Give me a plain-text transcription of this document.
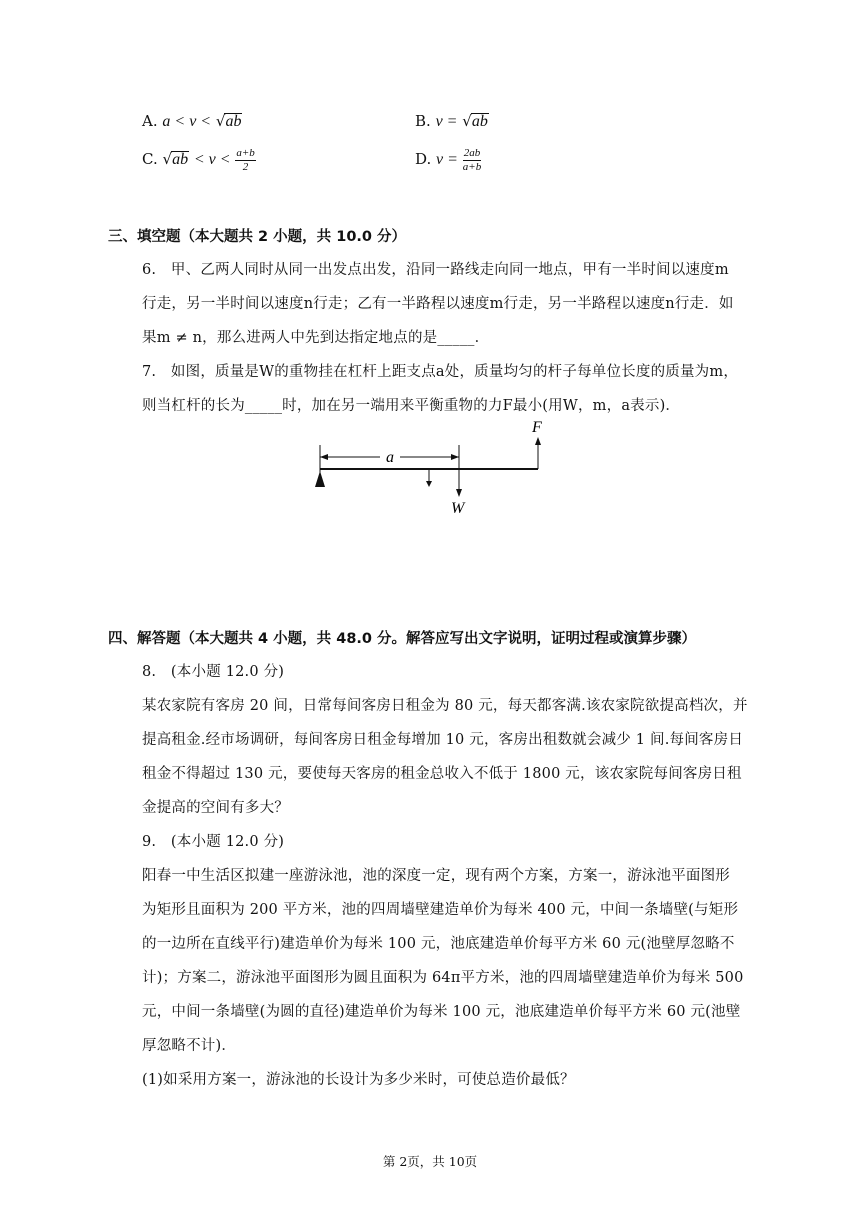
A. a < v < √ab	B. v = √ab
C. $√ab < v < \frac{a+b}{2}$	D. $v = \frac{2ab}{a+b}$
三、填空题（本大题共 2 小题，共 10.0 分）
6.　甲、乙两人同时从同一出发点出发，沿同一路线走向同一地点，甲有一半时间以速度m
行走，另一半时间以速度n行走；乙有一半路程以速度m行走，另一半路程以速度n行走．如
果m ≠ n，那么进两人中先到达指定地点的是_____．
7.　如图，质量是W的重物挂在杠杆上距支点a处，质量均匀的杆子每单位长度的质量为m，
则当杠杆的长为_____时，加在另一端用来平衡重物的力F最小(用W，m，a表示)．
a
F
W
四、解答题（本大题共 4 小题，共 48.0 分。解答应写出文字说明，证明过程或演算步骤）
8.　(本小题 12.0 分)
某农家院有客房 20 间，日常每间客房日租金为 80 元，每天都客满.该农家院欲提高档次，并
提高租金.经市场调研，每间客房日租金每增加 10 元，客房出租数就会减少 1 间.每间客房日
租金不得超过 130 元，要使每天客房的租金总收入不低于 1800 元，该农家院每间客房日租
金提高的空间有多大？
9.　(本小题 12.0 分)
阳春一中生活区拟建一座游泳池，池的深度一定，现有两个方案，方案一，游泳池平面图形
为矩形且面积为 200 平方米，池的四周墙壁建造单价为每米 400 元，中间一条墙壁(与矩形
的一边所在直线平行)建造单价为每米 100 元，池底建造单价每平方米 60 元(池壁厚忽略不
计)；方案二，游泳池平面图形为圆且面积为 64π平方米，池的四周墙壁建造单价为每米 500
元，中间一条墙壁(为圆的直径)建造单价为每米 100 元，池底建造单价每平方米 60 元(池壁
厚忽略不计)．
(1)如采用方案一，游泳池的长设计为多少米时，可使总造价最低？
第 2页，共 10页
